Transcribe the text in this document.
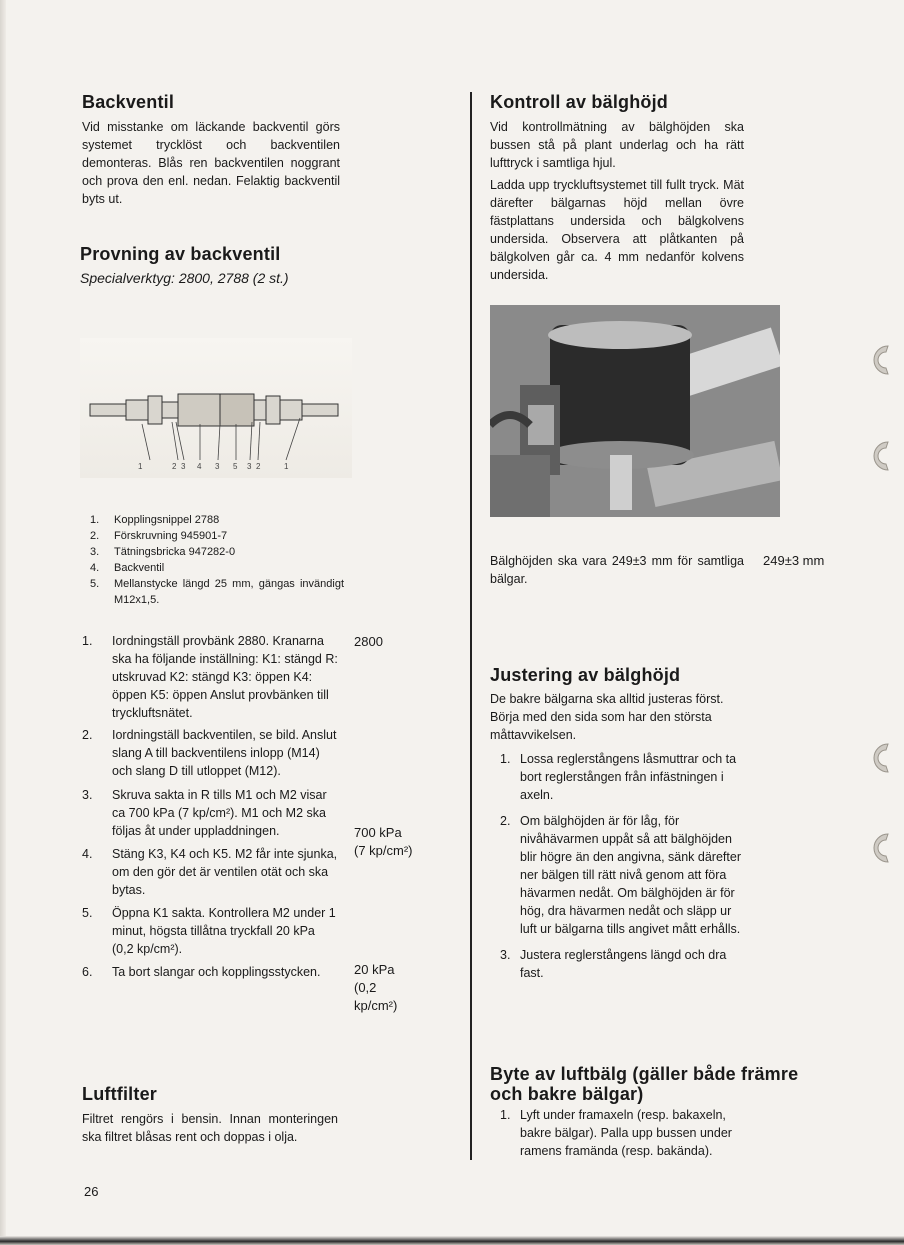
Backventil

Vid misstanke om läckande backventil görs systemet trycklöst och backventilen demonteras. Blås ren backventilen noggrant och prova den enl. nedan. Felaktig backventil byts ut.

Provning av backventil
Specialverktyg: 2800, 2788 (2 st.)
1	2 3 4 3 5 3 2	1
1. Kopplingsnippel 2788
2. Förskruvning 945901-7
3. Tätningsbricka 947282-0
4. Backventil
5. Mellanstycke längd 25 mm, gängas invändigt M12x1,5.
1. Iordningställ provbänk 2880. Kranarna ska ha följande inställning: K1: stängd R: utskruvad K2: stängd K3: öppen K4: öppen K5: öppen Anslut provbänken till tryckluftsnätet.
2. Iordningställ backventilen, se bild. Anslut slang A till backventilens inlopp (M14) och slang D till utloppet (M12).
3. Skruva sakta in R tills M1 och M2 visar ca 700 kPa (7 kp/cm²). M1 och M2 ska följas åt under uppladdningen.
4. Stäng K3, K4 och K5. M2 får inte sjunka, om den gör det är ventilen otät och ska bytas.
5. Öppna K1 sakta. Kontrollera M2 under 1 minut, högsta tillåtna tryckfall 20 kPa (0,2 kp/cm²).
6. Ta bort slangar och kopplingsstycken.
2800
700 kPa
(7 kp/cm²)
20 kPa
(0,2
kp/cm²)
Luftfilter

Filtret rengörs i bensin. Innan monteringen ska filtret blåsas rent och doppas i olja.

26
Kontroll av bälghöjd

Vid kontrollmätning av bälghöjden ska bussen stå på plant underlag och ha rätt lufttryck i samtliga hjul.

Ladda upp tryckluftsystemet till fullt tryck. Mät därefter bälgarnas höjd mellan övre fästplattans undersida och bälgkolvens undersida. Observera att plåtkanten på bälgkolven går ca. 4 mm nedanför kolvens undersida.

Bälghöjden ska vara 249±3 mm för samtliga bälgar.

249±3 mm
Justering av bälghöjd

De bakre bälgarna ska alltid justeras först. Börja med den sida som har den största måttavvikelsen.

1. Lossa reglerstångens låsmuttrar och ta bort reglerstången från infästningen i axeln.
2. Om bälghöjden är för låg, för nivåhävarmen uppåt så att bälghöjden blir högre än den angivna, sänk därefter ner bälgen till rätt nivå genom att föra hävarmen nedåt. Om bälghöjden är för hög, dra hävarmen nedåt och släpp ur luft ur bälgarna tills angivet mått erhålls.
3. Justera reglerstångens längd och dra fast.
Byte av luftbälg (gäller både främre och bakre bälgar)
1. Lyft under framaxeln (resp. bakaxeln, bakre bälgar). Palla upp bussen under ramens framända (resp. bakända).
